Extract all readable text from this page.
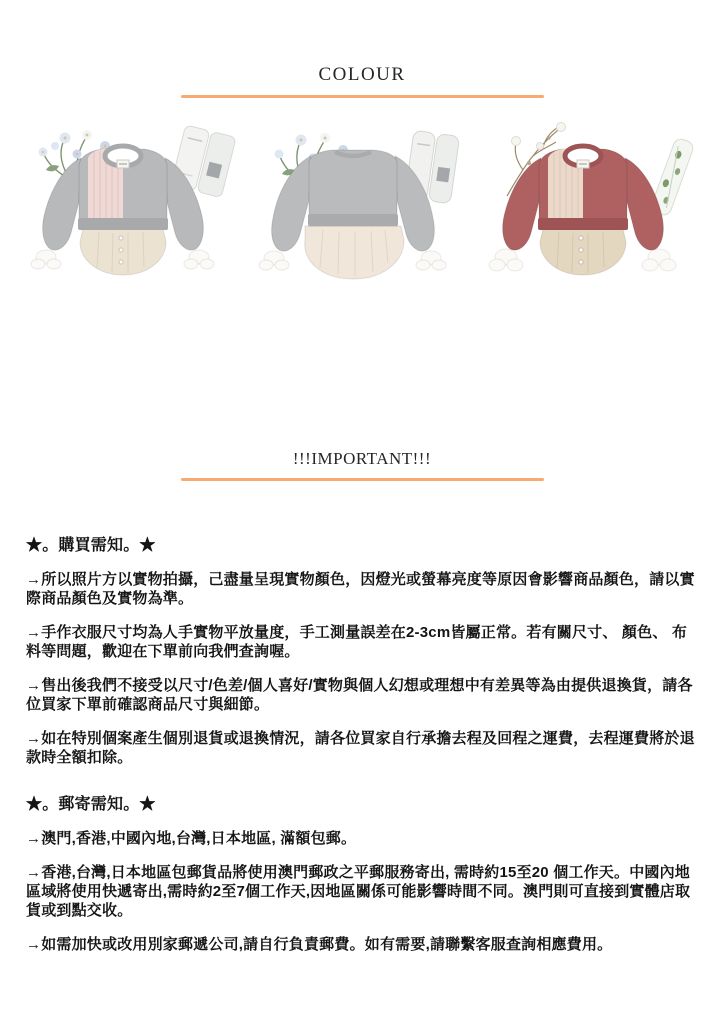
COLOUR
!!!IMPORTANT!!!

★。購買需知。★

→所以照片方以實物拍攝，己盡量呈現實物顏色，因燈光或螢幕亮度等原因會影響商品顏色，請以實際商品顏色及實物為準。

→手作衣服尺寸均為人手實物平放量度，手工測量誤差在2-3cm皆屬正常。若有關尺寸、 顏色、 布料等問題，歡迎在下單前向我們查詢喔。

→售出後我們不接受以尺寸/色差/個人喜好/實物與個人幻想或理想中有差異等為由提供退換貨，請各位買家下單前確認商品尺寸與細節。

→如在特別個案產生個別退貨或退換情況，請各位買家自行承擔去程及回程之運費，去程運費將於退款時全額扣除。

★。郵寄需知。★

→澳門,香港,中國內地,台灣,日本地區, 滿額包郵。

→香港,台灣,日本地區包郵貨品將使用澳門郵政之平郵服務寄出, 需時約15至20 個工作天。中國內地區域將使用快遞寄出,需時約2至7個工作天,因地區關係可能影響時間不同。澳門則可直接到實體店取貨或到點交收。

→如需加快或改用別家郵遞公司,請自行負責郵費。如有需要,請聯繫客服查詢相應費用。
